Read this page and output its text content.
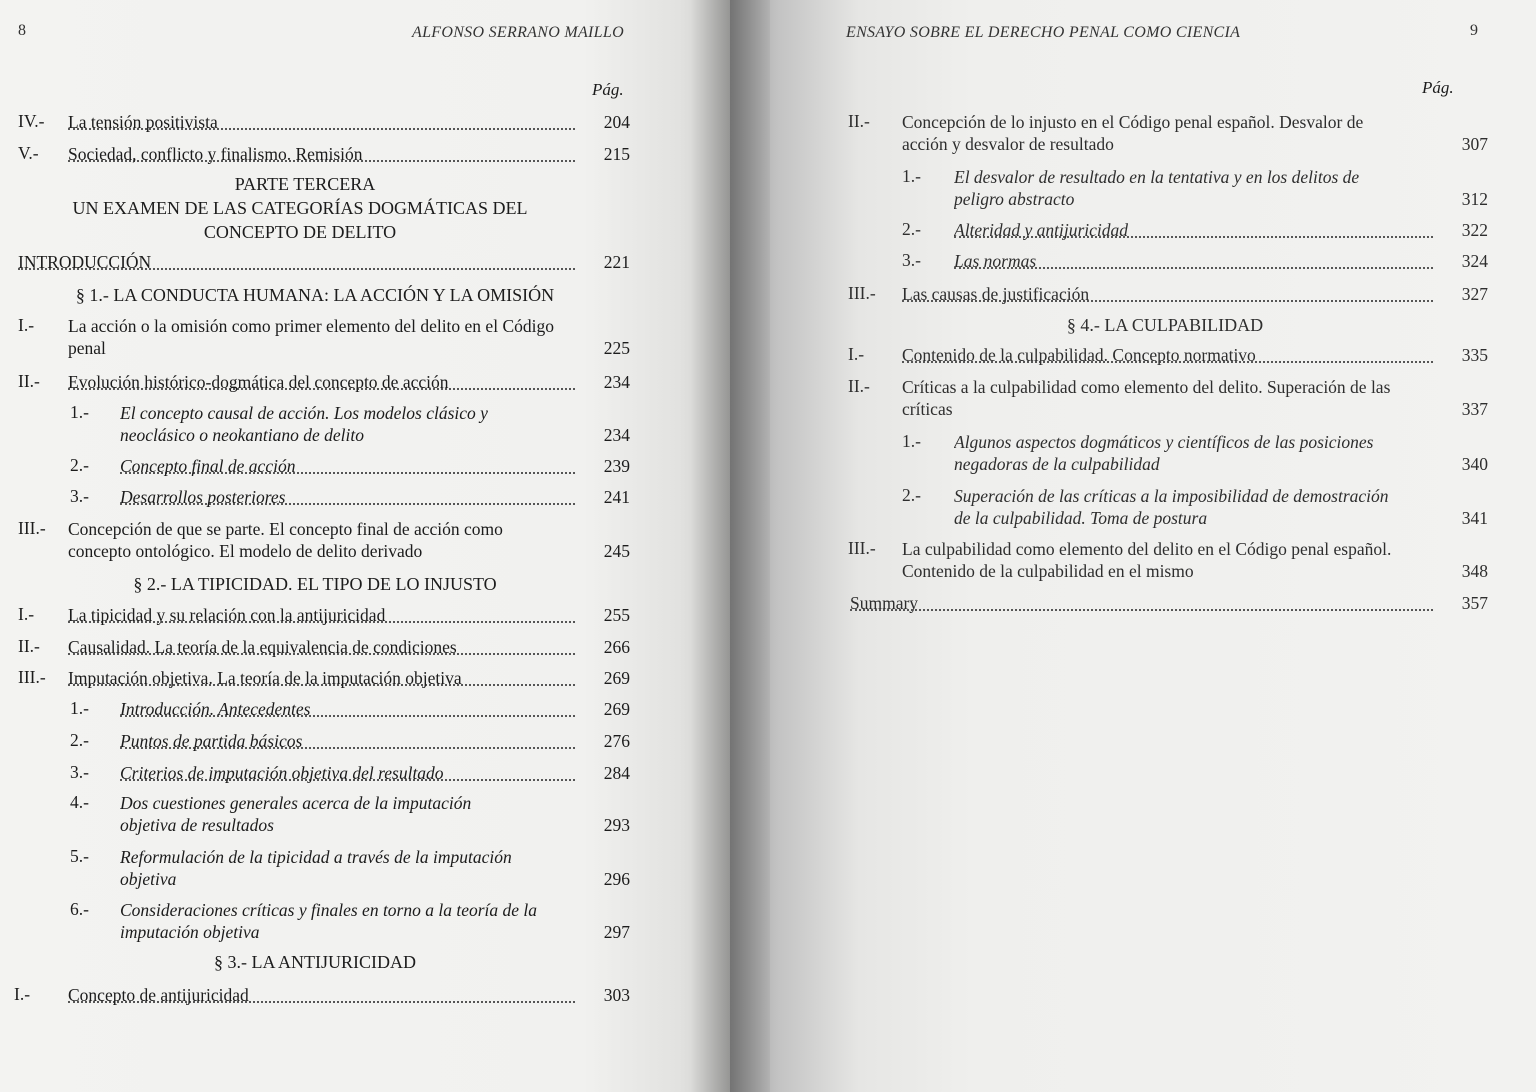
8	ALFONSO SERRANO MAILLO
Pág.
IV.- La tensión positivista	204
V.- Sociedad, conflicto y finalismo. Remisión	215
PARTE TERCERA
UN EXAMEN DE LAS CATEGORÍAS DOGMÁTICAS DEL CONCEPTO DE DELITO
INTRODUCCIÓN	221
§ 1.- LA CONDUCTA HUMANA: LA ACCIÓN Y LA OMISIÓN
I.- La acción o la omisión como primer elemento del delito en el Código penal	225
II.- Evolución histórico-dogmática del concepto de acción	234
1.- El concepto causal de acción. Los modelos clásico y neoclásico o neokantiano de delito	234
2.- Concepto final de acción	239
3.- Desarrollos posteriores	241
III.- Concepción de que se parte. El concepto final de acción como concepto ontológico. El modelo de delito derivado	245
§ 2.- LA TIPICIDAD. EL TIPO DE LO INJUSTO
I.- La tipicidad y su relación con la antijuricidad	255
II.- Causalidad. La teoría de la equivalencia de condiciones	266
III.- Imputación objetiva. La teoría de la imputación objetiva	269
1.- Introducción. Antecedentes	269
2.- Puntos de partida básicos	276
3.- Criterios de imputación objetiva del resultado	284
4.- Dos cuestiones generales acerca de la imputación objetiva de resultados	293
5.- Reformulación de la tipicidad a través de la imputación objetiva	296
6.- Consideraciones críticas y finales en torno a la teoría de la imputación objetiva	297
§ 3.- LA ANTIJURICIDAD
I.- Concepto de antijuricidad	303
ENSAYO SOBRE EL DERECHO PENAL COMO CIENCIA	9
Pág.
II.- Concepción de lo injusto en el Código penal español. Desvalor de acción y desvalor de resultado	307
1.- El desvalor de resultado en la tentativa y en los delitos de peligro abstracto	312
2.- Alteridad y antijuricidad	322
3.- Las normas	324
III.- Las causas de justificación	327
§ 4.- LA CULPABILIDAD
I.- Contenido de la culpabilidad. Concepto normativo	335
II.- Críticas a la culpabilidad como elemento del delito. Superación de las críticas	337
1.- Algunos aspectos dogmáticos y científicos de las posiciones negadoras de la culpabilidad	340
2.- Superación de las críticas a la imposibilidad de demostración de la culpabilidad. Toma de postura	341
III.- La culpabilidad como elemento del delito en el Código penal español. Contenido de la culpabilidad en el mismo	348
Summary	357
